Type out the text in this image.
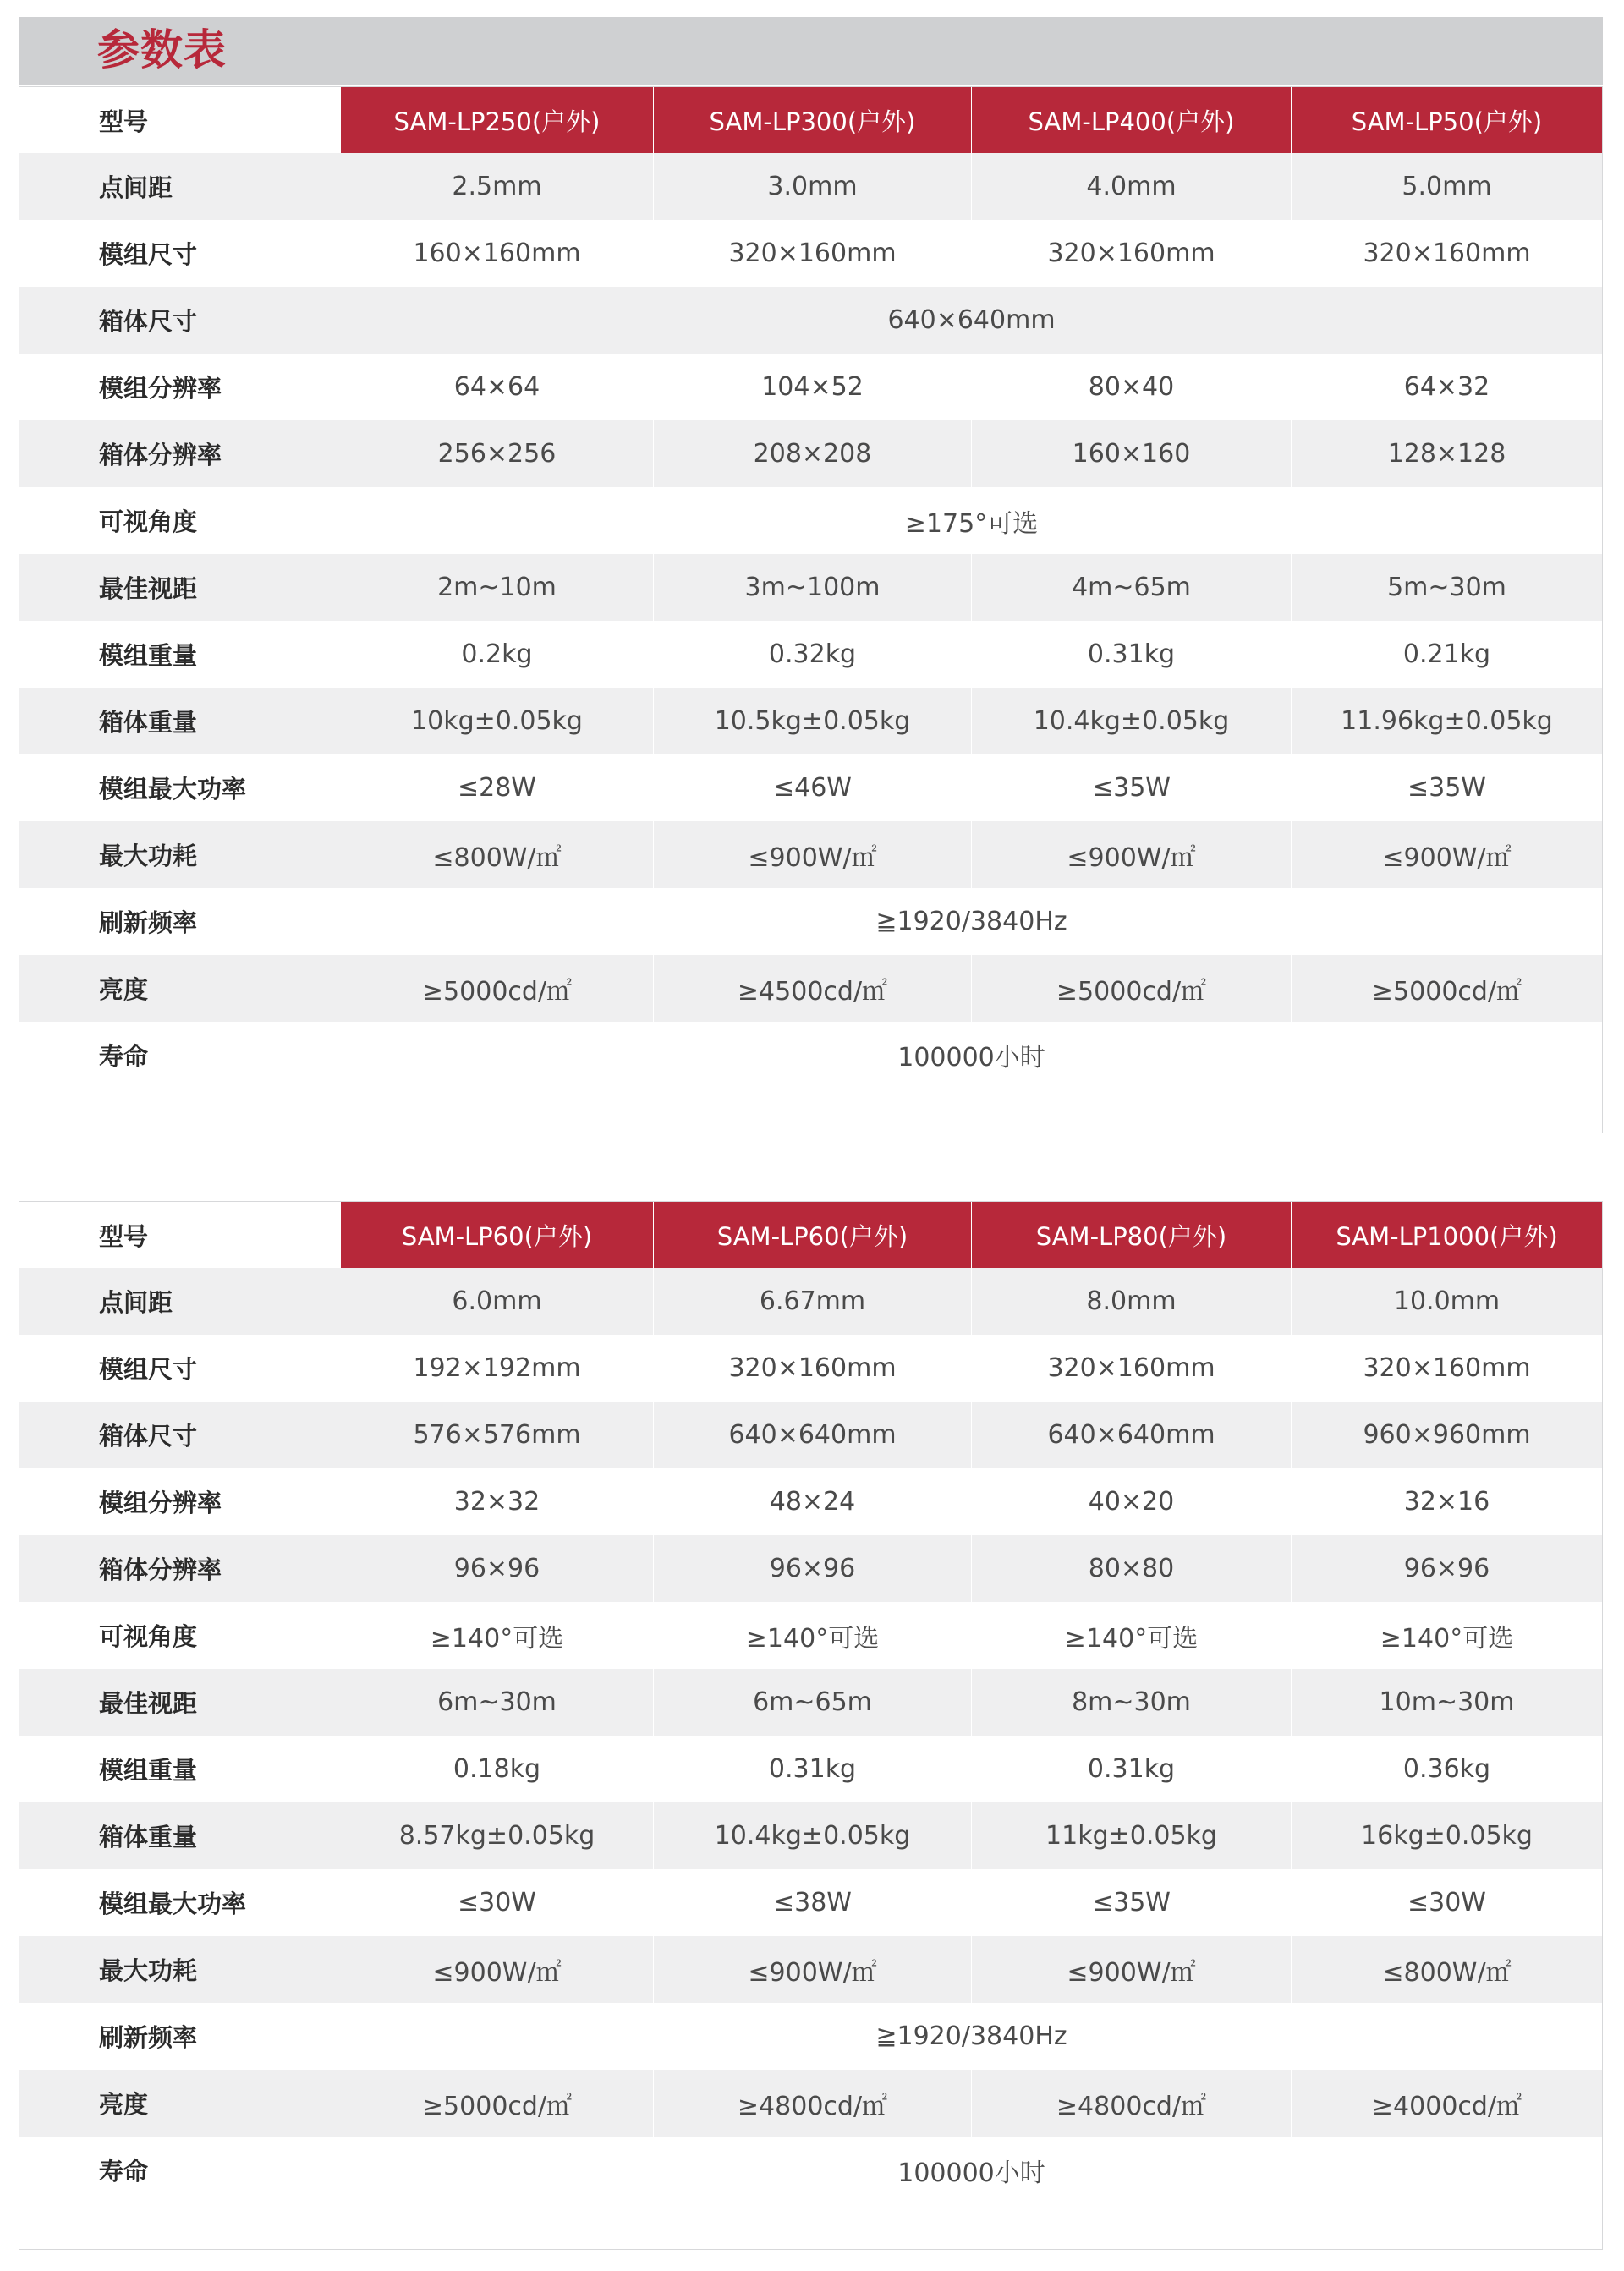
参数表
型号	SAM-LP250(户外)	SAM-LP300(户外)	SAM-LP400(户外)	SAM-LP50(户外)
点间距	2.5mm	3.0mm	4.0mm	5.0mm
模组尺寸	160×160mm	320×160mm	320×160mm	320×160mm
箱体尺寸	640×640mm
模组分辨率	64×64	104×52	80×40	64×32
箱体分辨率	256×256	208×208	160×160	128×128
可视角度	≥175°可选
最佳视距	2m~10m	3m~100m	4m~65m	5m~30m
模组重量	0.2kg	0.32kg	0.31kg	0.21kg
箱体重量	10kg±0.05kg	10.5kg±0.05kg	10.4kg±0.05kg	11.96kg±0.05kg
模组最大功率	≤28W	≤46W	≤35W	≤35W
最大功耗	≤800W/㎡	≤900W/㎡	≤900W/㎡	≤900W/㎡
刷新频率	≧1920/3840Hz
亮度	≥5000cd/㎡	≥4500cd/㎡	≥5000cd/㎡	≥5000cd/㎡
寿命	100000小时
型号	SAM-LP60(户外)	SAM-LP60(户外)	SAM-LP80(户外)	SAM-LP1000(户外)
点间距	6.0mm	6.67mm	8.0mm	10.0mm
模组尺寸	192×192mm	320×160mm	320×160mm	320×160mm
箱体尺寸	576×576mm	640×640mm	640×640mm	960×960mm
模组分辨率	32×32	48×24	40×20	32×16
箱体分辨率	96×96	96×96	80×80	96×96
可视角度	≥140°可选	≥140°可选	≥140°可选	≥140°可选
最佳视距	6m~30m	6m~65m	8m~30m	10m~30m
模组重量	0.18kg	0.31kg	0.31kg	0.36kg
箱体重量	8.57kg±0.05kg	10.4kg±0.05kg	11kg±0.05kg	16kg±0.05kg
模组最大功率	≤30W	≤38W	≤35W	≤30W
最大功耗	≤900W/㎡	≤900W/㎡	≤900W/㎡	≤800W/㎡
刷新频率	≧1920/3840Hz
亮度	≥5000cd/㎡	≥4800cd/㎡	≥4800cd/㎡	≥4000cd/㎡
寿命	100000小时
